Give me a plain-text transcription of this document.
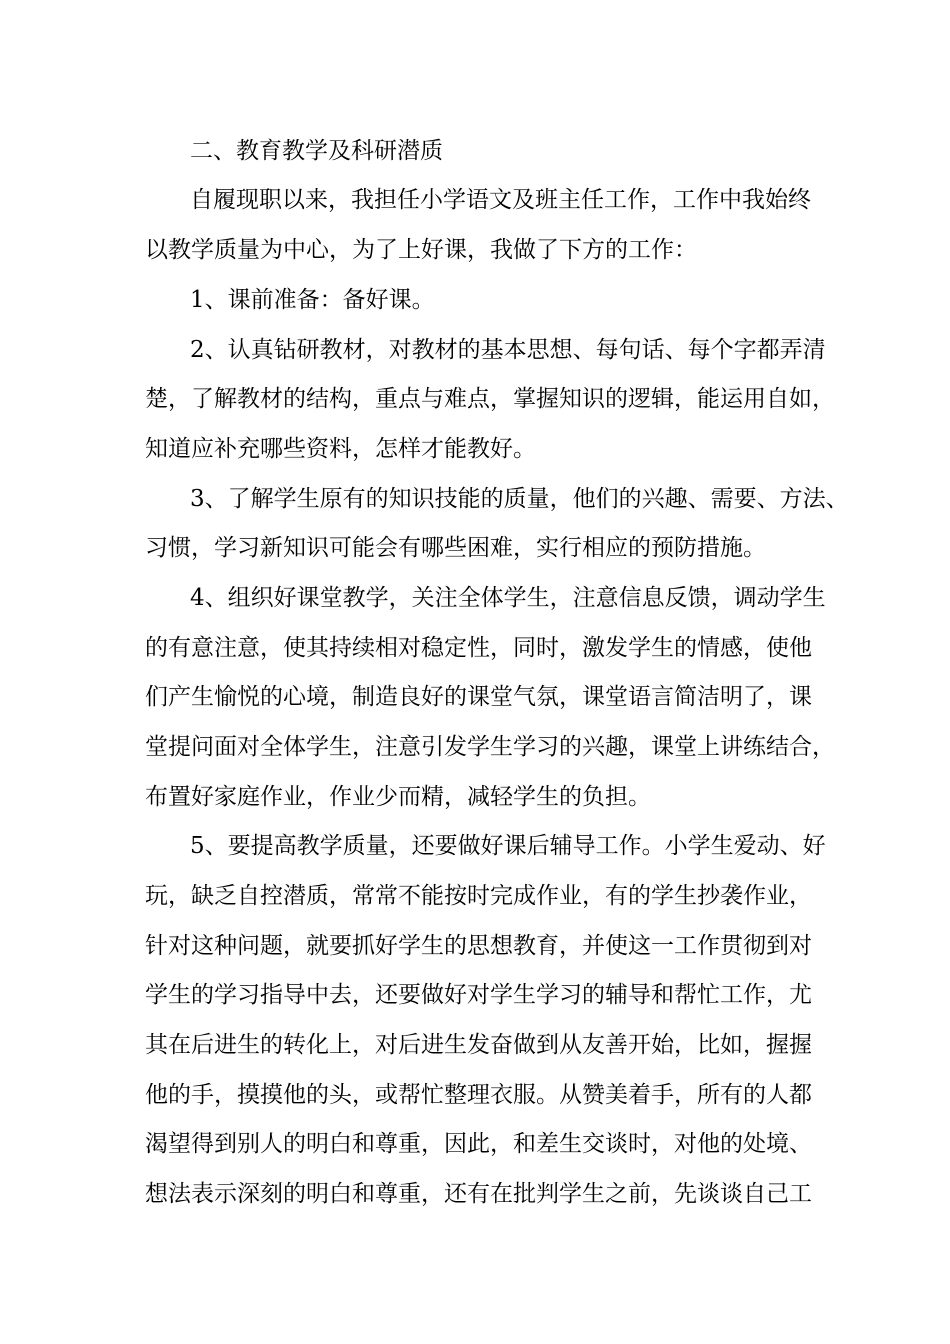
二、教育教学及科研潜质
自履现职以来，我担任小学语文及班主任工作，工作中我始终
以教学质量为中心，为了上好课，我做了下方的工作：
1、课前准备：备好课。
2、认真钻研教材，对教材的基本思想、每句话、每个字都弄清
楚，了解教材的结构，重点与难点，掌握知识的逻辑，能运用自如，
知道应补充哪些资料，怎样才能教好。
3、了解学生原有的知识技能的质量，他们的兴趣、需要、方法、
习惯，学习新知识可能会有哪些困难，实行相应的预防措施。
4、组织好课堂教学，关注全体学生，注意信息反馈，调动学生
的有意注意，使其持续相对稳定性，同时，激发学生的情感，使他
们产生愉悦的心境，制造良好的课堂气氛，课堂语言简洁明了，课
堂提问面对全体学生，注意引发学生学习的兴趣，课堂上讲练结合，
布置好家庭作业，作业少而精，减轻学生的负担。
5、要提高教学质量，还要做好课后辅导工作。小学生爱动、好
玩，缺乏自控潜质，常常不能按时完成作业，有的学生抄袭作业，
针对这种问题，就要抓好学生的思想教育，并使这一工作贯彻到对
学生的学习指导中去，还要做好对学生学习的辅导和帮忙工作，尤
其在后进生的转化上，对后进生发奋做到从友善开始，比如，握握
他的手，摸摸他的头，或帮忙整理衣服。从赞美着手，所有的人都
渴望得到别人的明白和尊重，因此，和差生交谈时，对他的处境、
想法表示深刻的明白和尊重，还有在批判学生之前，先谈谈自己工
